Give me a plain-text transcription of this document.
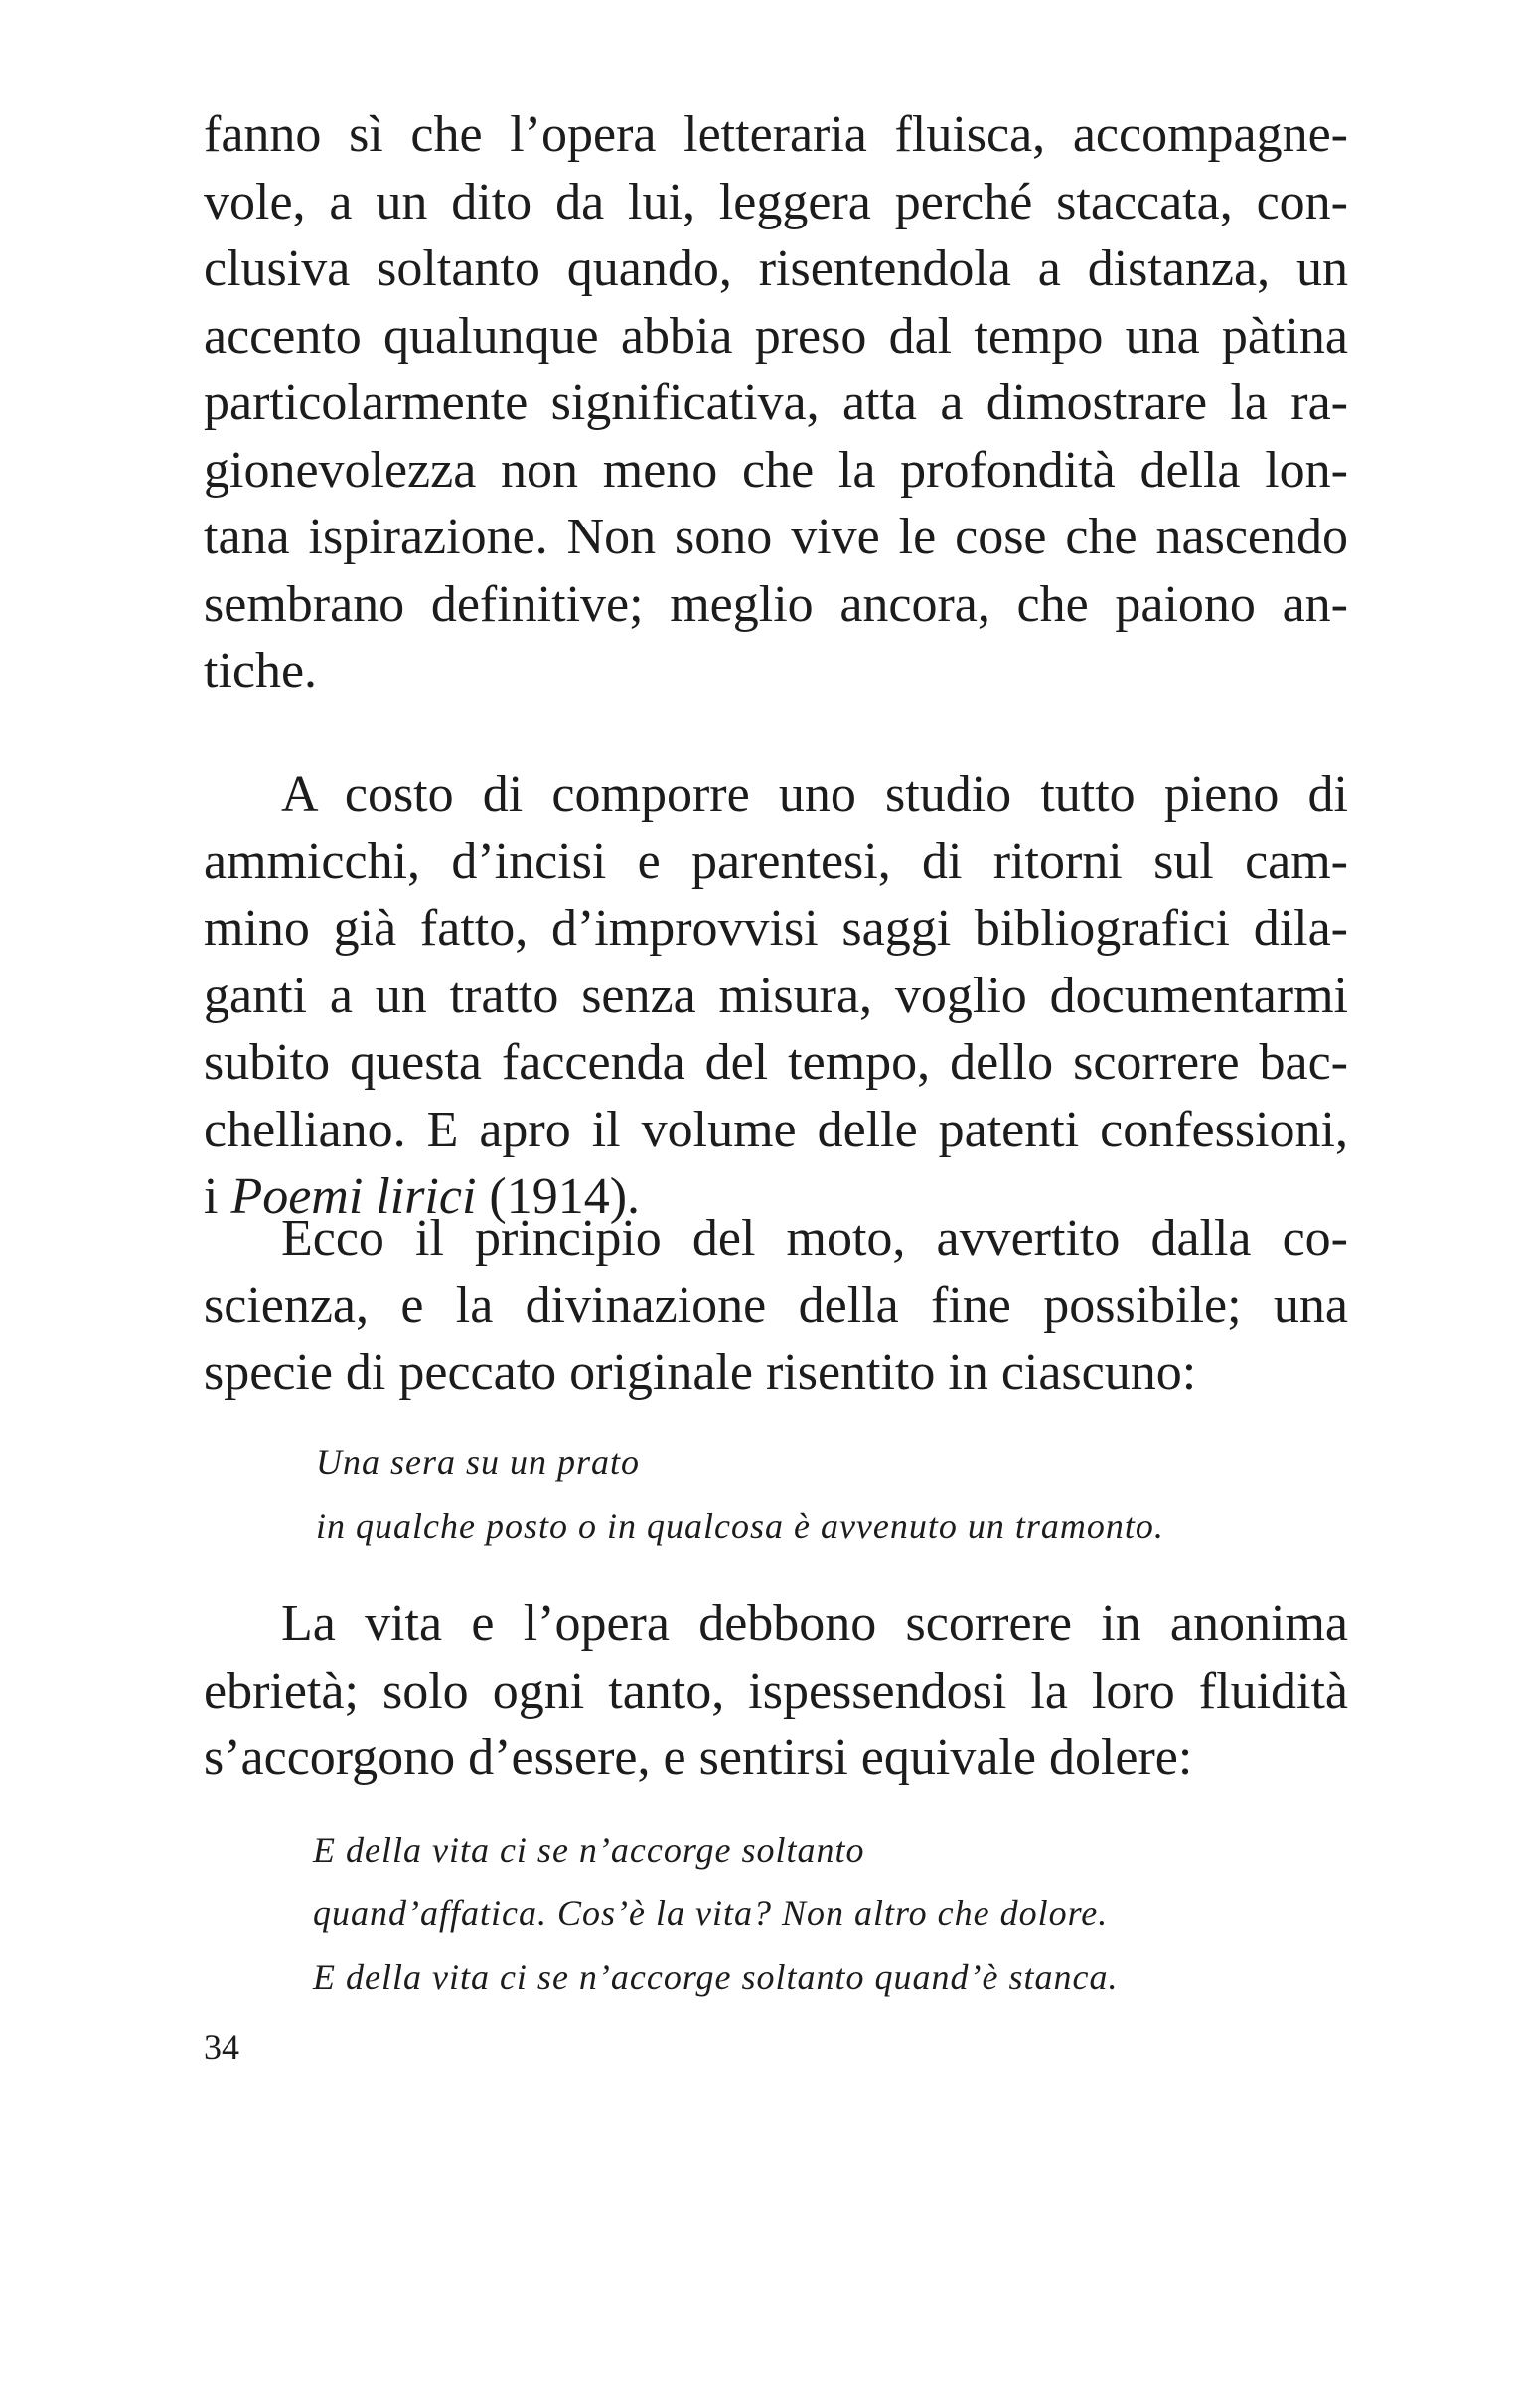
fanno sì che l’opera letteraria fluisca, accompagne-
vole, a un dito da lui, leggera perché staccata, con-
clusiva soltanto quando, risentendola a distanza, un
accento qualunque abbia preso dal tempo una pàtina
particolarmente significativa, atta a dimostrare la ra-
gionevolezza non meno che la profondità della lon-
tana ispirazione. Non sono vive le cose che nascendo
sembrano definitive; meglio ancora, che paiono an-
tiche.
A costo di comporre uno studio tutto pieno di
ammicchi, d’incisi e parentesi, di ritorni sul cam-
mino già fatto, d’improvvisi saggi bibliografici dila-
ganti a un tratto senza misura, voglio documentarmi
subito questa faccenda del tempo, dello scorrere bac-
chelliano. E apro il volume delle patenti confessioni,
i Poemi lirici (1914).
Ecco il principio del moto, avvertito dalla co-
scienza, e la divinazione della fine possibile; una
specie di peccato originale risentito in ciascuno:
Una sera su un prato
in qualche posto o in qualcosa è avvenuto un tramonto.
La vita e l’opera debbono scorrere in anonima
ebrietà; solo ogni tanto, ispessendosi la loro fluidità
s’accorgono d’essere, e sentirsi equivale dolere:
E della vita ci se n’accorge soltanto
quand’affatica. Cos’è la vita? Non altro che dolore.
E della vita ci se n’accorge soltanto quand’è stanca.
34
